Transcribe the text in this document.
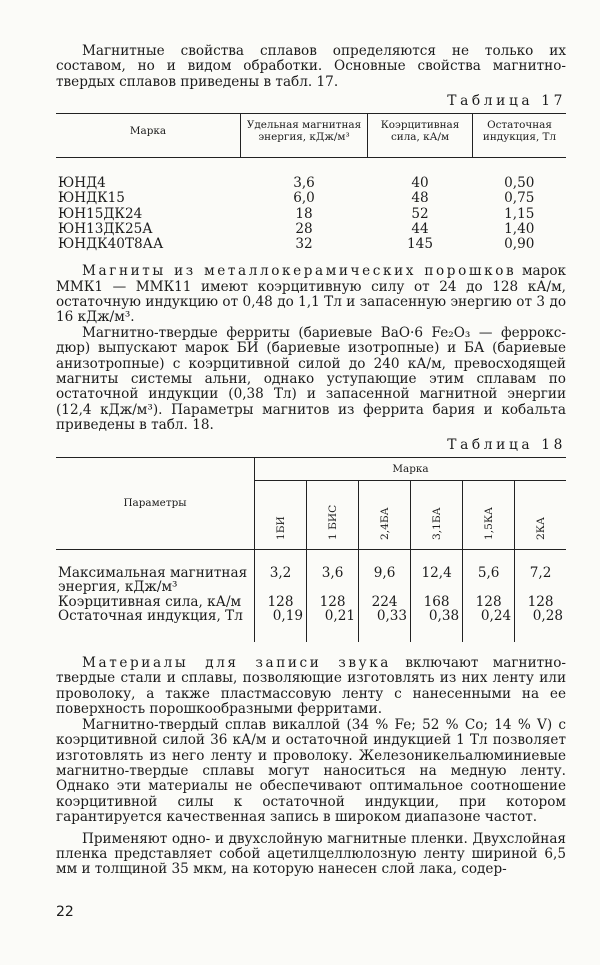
Магнитные свойства сплавов определяются не только их составом, но и видом обработки. Основные свойства магнитно-твердых сплавов приведены в табл. 17.

Таблица 17
Марка	Удельная магнитная энергия, кДж/м³	Коэрцитивная сила, кА/м	Остаточная индукция, Тл
ЮНД4	3,6	40	0,50
ЮНДК15	6,0	48	0,75
ЮН15ДК24	18	52	1,15
ЮН13ДК25А	28	44	1,40
ЮНДК40Т8АА	32	145	0,90

Магниты из металлокерамических порошков марок ММК1 — ММК11 имеют коэрцитивную силу от 24 до 128 кА/м, остаточную индукцию от 0,48 до 1,1 Тл и запасенную энергию от 3 до 16 кДж/м³.

Магнитно-твердые ферриты (бариевые BaO·6 Fe₂O₃ — феррокс-дюр) выпускают марок БИ (бариевые изотропные) и БА (бариевые анизотропные) с коэрцитивной силой до 240 кА/м, превосходящей магниты системы альни, однако уступающие этим сплавам по остаточной индукции (0,38 Тл) и запасенной магнитной энергии (12,4 кДж/м³). Параметры магнитов из феррита бария и кобальта приведены в табл. 18.

Таблица 18
Параметры	Марка					

	1БИ	1 БИС	2,4БА	3,1БА	1,5КА	2КА

Максимальная магнитная энергия, кДж/м³	3,2	3,6	9,6	12,4	5,6	7,2
Коэрцитивная сила, кА/м	128	128	224	168	128	128
Остаточная индукция, Тл	0,19	0,21	0,33	0,38	0,24	0,28

Материалы для записи звука включают магнитно-твердые стали и сплавы, позволяющие изготовлять из них ленту или проволоку, а также пластмассовую ленту с нанесенными на ее поверхность порошкообразными ферритами.

Магнитно-твердый сплав викаллой (34 % Fe; 52 % Co; 14 % V) с коэрцитивной силой 36 кА/м и остаточной индукцией 1 Тл позволяет изготовлять из него ленту и проволоку. Железоникельалюминиевые магнитно-твердые сплавы могут наноситься на медную ленту. Однако эти материалы не обеспечивают оптимальное соотношение коэрцитивной силы к остаточной индукции, при котором гарантируется качественная запись в широком диапазоне частот.

Применяют одно- и двухслойную магнитные пленки. Двухслойная пленка представляет собой ацетилцеллюлозную ленту шириной 6,5 мм и толщиной 35 мкм, на которую нанесен слой лака, содер-

22
